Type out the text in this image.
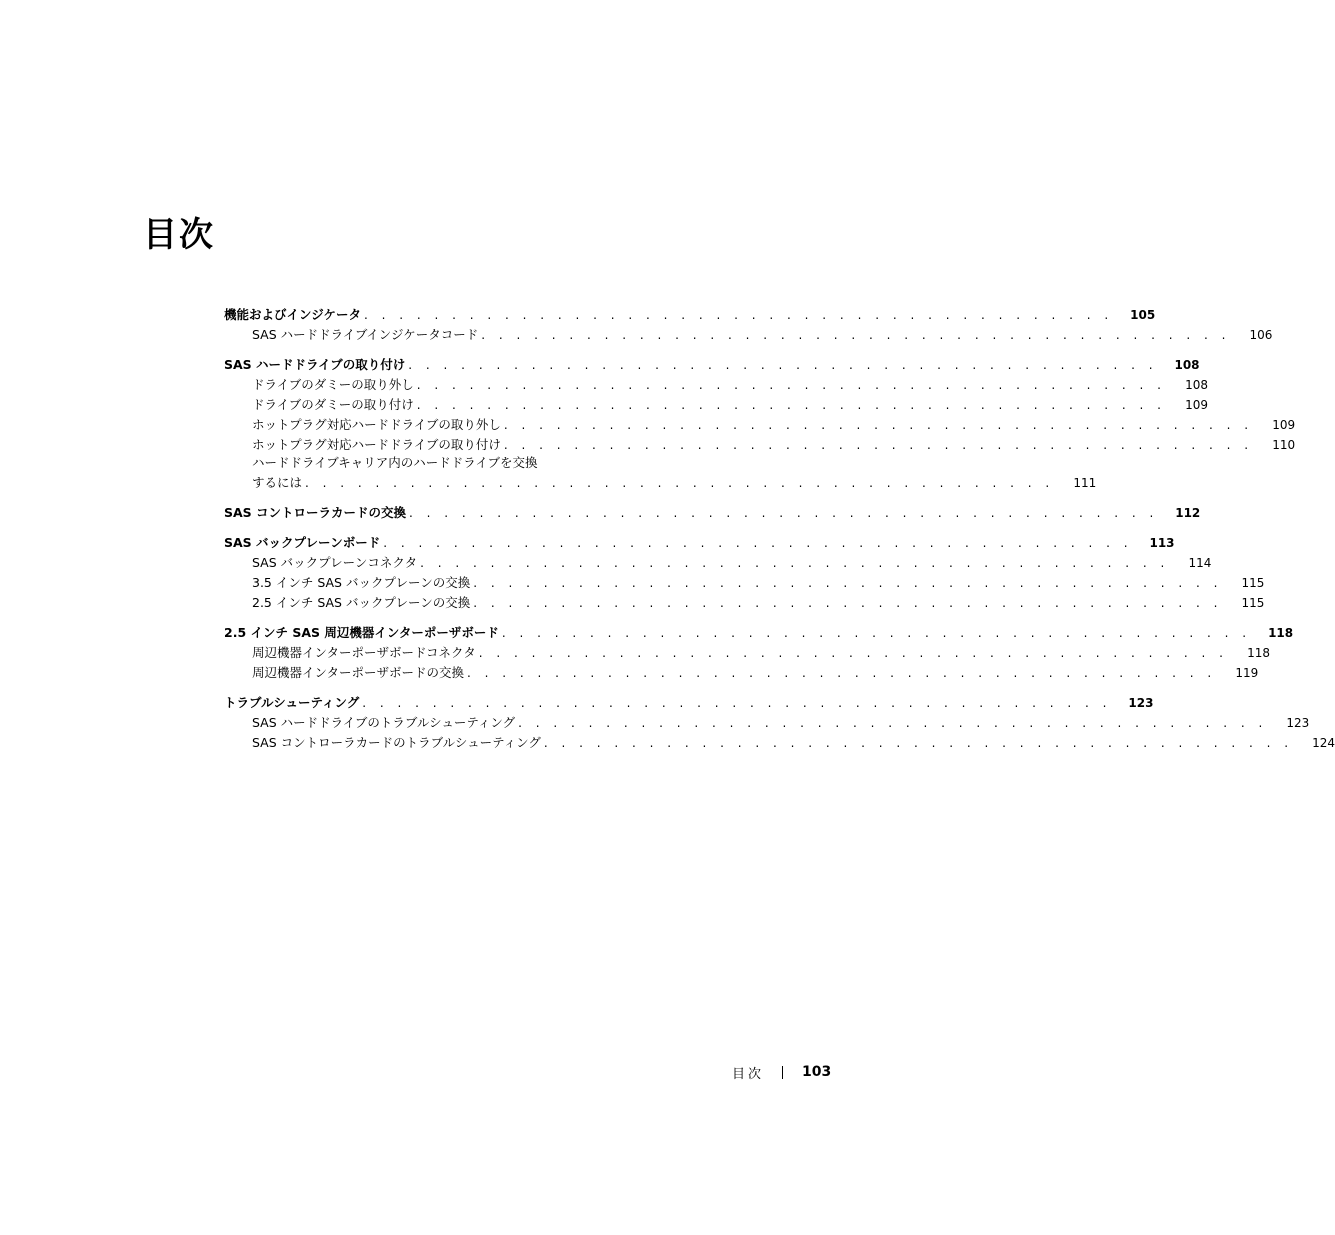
目次
機能およびインジケータ . . . . . . . . . . . . . . . . . . . . . . . . . . . . . . . . . . . . . . . . . . .	105
SAS ハードドライブインジケータコード . . . . . . . . . . . . . . . . . . . . . . . . . . . . . . . . . . . . . . . . . . .	106
SAS ハードドライブの取り付け . . . . . . . . . . . . . . . . . . . . . . . . . . . . . . . . . . . . . . . . . . .	108
ドライブのダミーの取り外し . . . . . . . . . . . . . . . . . . . . . . . . . . . . . . . . . . . . . . . . . . .	108
ドライブのダミーの取り付け . . . . . . . . . . . . . . . . . . . . . . . . . . . . . . . . . . . . . . . . . . .	109
ホットプラグ対応ハードドライブの取り外し . . . . . . . . . . . . . . . . . . . . . . . . . . . . . . . . . . . . . . . . . . .	109
ホットプラグ対応ハードドライブの取り付け . . . . . . . . . . . . . . . . . . . . . . . . . . . . . . . . . . . . . . . . . . .	110
ハードドライブキャリア内のハードドライブを交換
するには . . . . . . . . . . . . . . . . . . . . . . . . . . . . . . . . . . . . . . . . . . .	111
SAS コントローラカードの交換 . . . . . . . . . . . . . . . . . . . . . . . . . . . . . . . . . . . . . . . . . . .	112
SAS バックプレーンボード . . . . . . . . . . . . . . . . . . . . . . . . . . . . . . . . . . . . . . . . . . .	113
SAS バックプレーンコネクタ . . . . . . . . . . . . . . . . . . . . . . . . . . . . . . . . . . . . . . . . . . .	114
3.5 インチ SAS バックプレーンの交換 . . . . . . . . . . . . . . . . . . . . . . . . . . . . . . . . . . . . . . . . . . .	115
2.5 インチ SAS バックプレーンの交換 . . . . . . . . . . . . . . . . . . . . . . . . . . . . . . . . . . . . . . . . . . .	115
2.5 インチ SAS 周辺機器インターポーザボード . . . . . . . . . . . . . . . . . . . . . . . . . . . . . . . . . . . . . . . . . . .	118
周辺機器インターポーザボードコネクタ . . . . . . . . . . . . . . . . . . . . . . . . . . . . . . . . . . . . . . . . . . .	118
周辺機器インターポーザボードの交換 . . . . . . . . . . . . . . . . . . . . . . . . . . . . . . . . . . . . . . . . . . .	119
トラブルシューティング . . . . . . . . . . . . . . . . . . . . . . . . . . . . . . . . . . . . . . . . . . .	123
SAS ハードドライブのトラブルシューティング . . . . . . . . . . . . . . . . . . . . . . . . . . . . . . . . . . . . . . . . . . .	123
SAS コントローラカードのトラブルシューティング . . . . . . . . . . . . . . . . . . . . . . . . . . . . . . . . . . . . . . . . . . .	124
目次	103
